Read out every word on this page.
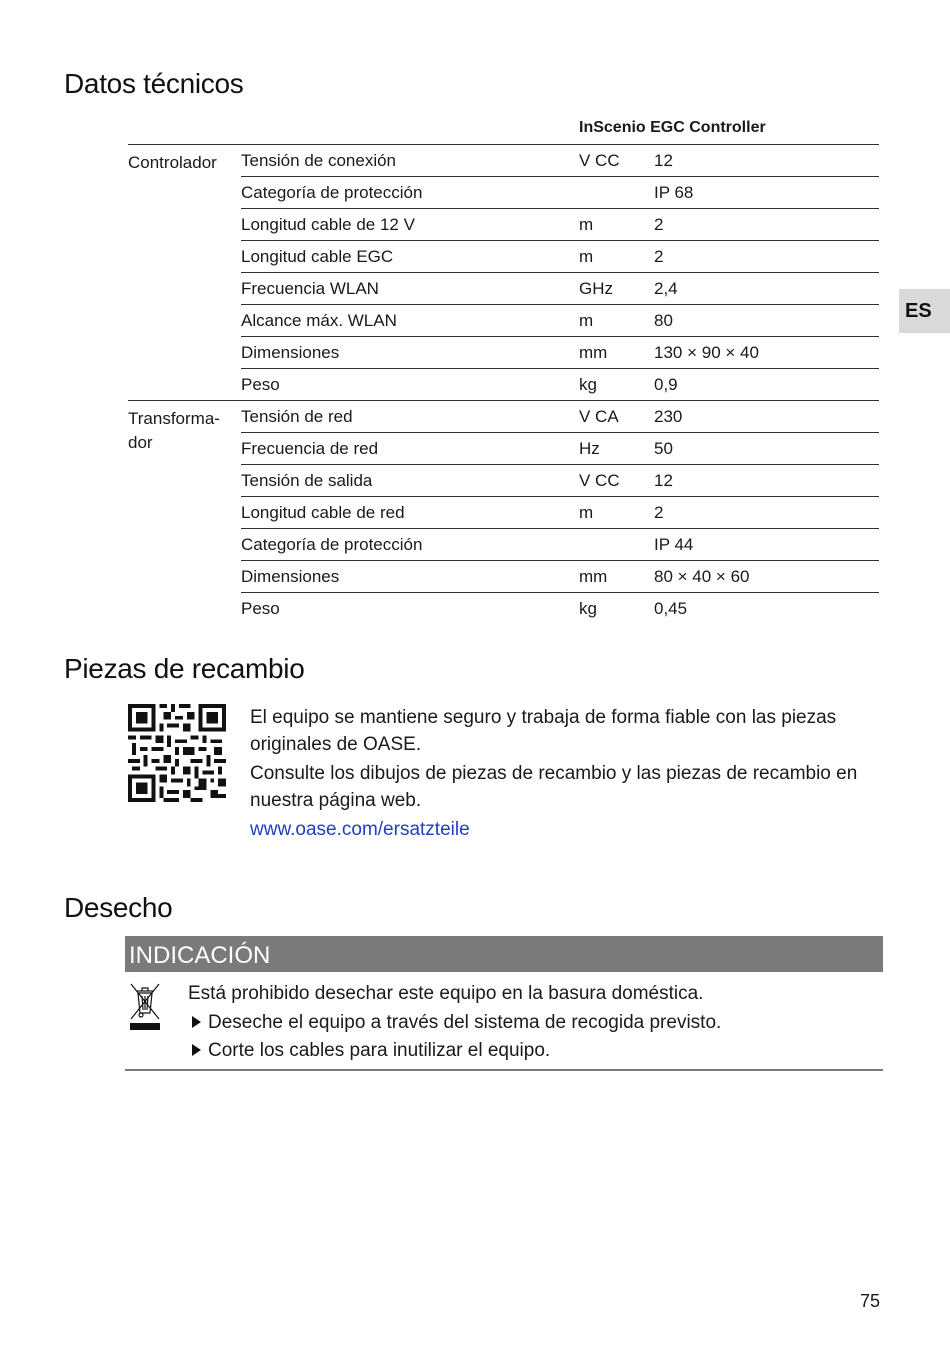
Datos técnicos
ES
InScenio EGC Controller
Controlador	Tensión de conexión	V CC 12
Categoría de protección	IP 68
Longitud cable de 12 V	m	2
Longitud cable EGC	m	2
Frecuencia WLAN	GHz 2,4
Alcance máx. WLAN	m	80
Dimensiones	mm	130 × 90 × 40
Peso	kg	0,9
Transforma-
dor
Tensión de red	V CA 230
Frecuencia de red	Hz	50
Tensión de salida	V CC 12
Longitud cable de red	m	2
Categoría de protección	IP 44
Dimensiones	mm	80 × 40 × 60
Peso	kg	0,45
Piezas de recambio

El equipo se mantiene seguro y trabaja de forma fiable con las piezas originales de OASE.

Consulte los dibujos de piezas de recambio y las piezas de recambio en nuestra página web.

www.oase.com/ersatzteile
Desecho
INDICACIÓN
Está prohibido desechar este equipo en la basura doméstica.
Deseche el equipo a través del sistema de recogida previsto.
Corte los cables para inutilizar el equipo.
75
